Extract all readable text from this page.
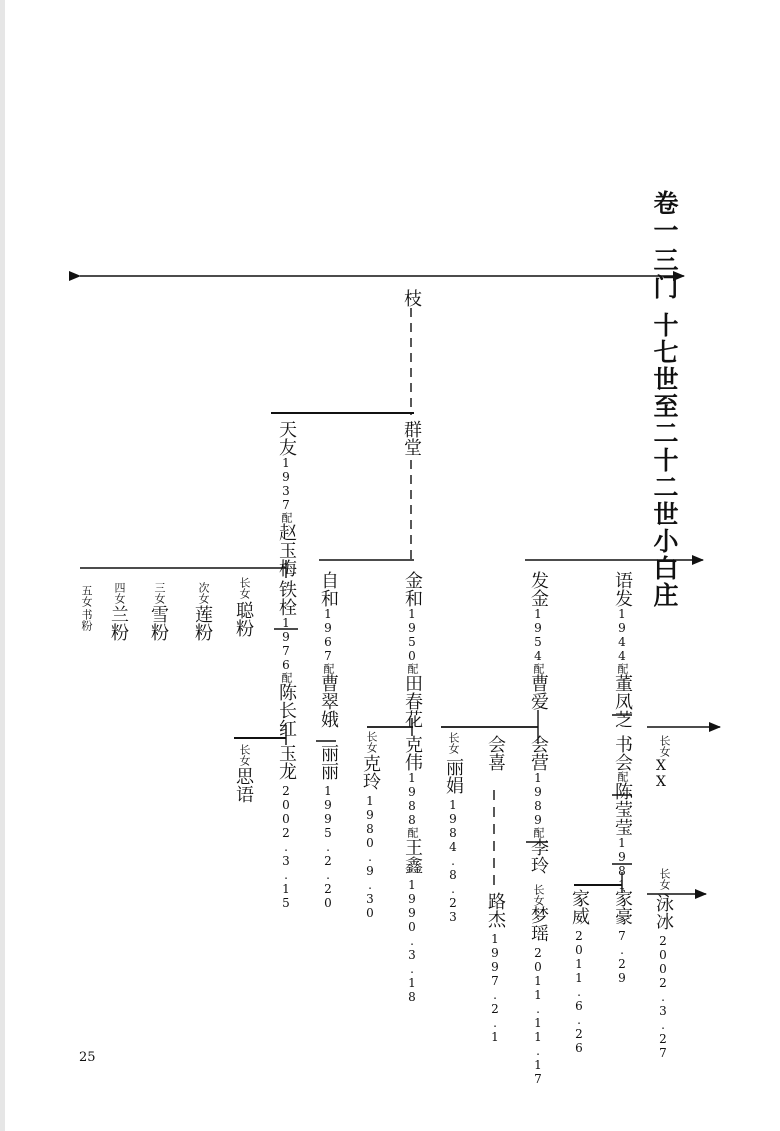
卷一
三门
十七世至二十二世小白庄
枝
群堂
天友1937配赵玉梅
铁栓1976配陈长红
玉龙2002.3.15
长女
思语
长女
聪粉
次女
莲粉
三女
雪粉
四女
兰粉
五女
书粉
自和1967配曹翠娥
丽丽1995.2.20
金和1950配田春花
克伟1988配王鑫1990.3.18
长女
克玲1980.9.30
发金1954配曹爱
会营1989配李玲
长女梦瑶2011.11.17
会喜
路杰1997.2.1
长女
丽娟1984.8.23
语发1944配董凤芝
书会配陈莹莹1981
家豪7.29
家威2011.6.26
长女
XX
长女
泳冰2002.3.27
25
